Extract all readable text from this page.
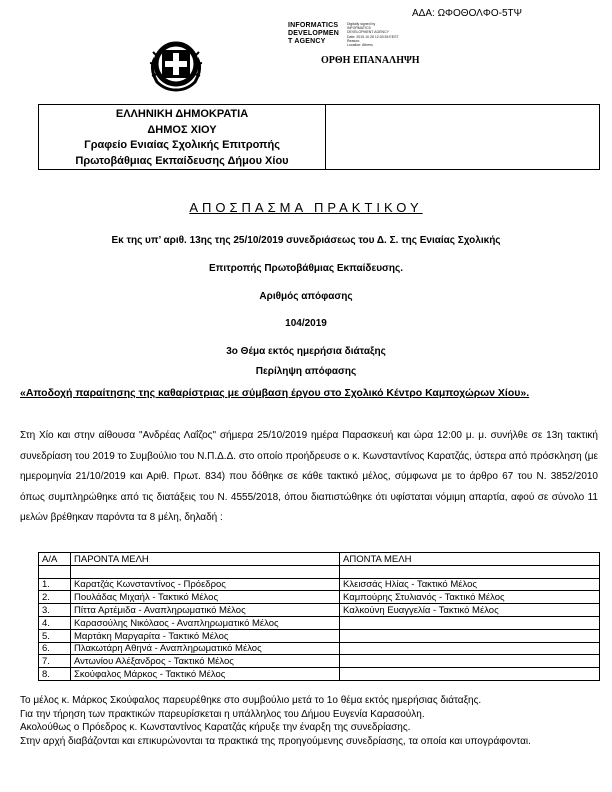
ΑΔΑ: ΩΦΟΘΟΛΦΟ-5ΤΨ
INFORMATICS
DEVELOPMEN
T AGENCY
Digitally signed by
INFORMATICS
DEVELOPMENT AGENCY
Date: 2019.10.28 12:03:35 EEST
Reason:
Location: Athens
ΟΡΘΗ ΕΠΑΝΑΛΗΨΗ
ΕΛΛΗΝΙΚΗ ΔΗΜΟΚΡΑΤΙΑ
ΔΗΜΟΣ ΧΙΟΥ
Γραφείο Ενιαίας Σχολικής Επιτροπής
Πρωτοβάθμιας Εκπαίδευσης Δήμου Χίου
ΑΠΟΣΠΑΣΜΑ ΠΡΑΚΤΙΚΟΥ
Εκ της υπ’ αριθ. 13ης της 25/10/2019 συνεδριάσεως του Δ. Σ. της Ενιαίας Σχολικής
Επιτροπής Πρωτοβάθμιας Εκπαίδευσης.
Αριθμός απόφασης
104/2019
3ο Θέμα εκτός ημερήσια διάταξης
Περίληψη απόφασης
«Αποδοχή παραίτησης της καθαρίστριας με σύμβαση έργου στο Σχολικό Κέντρο Καμποχώρων Χίου».
Στη Χίο και στην αίθουσα "Ανδρέας Λαΐζος" σήμερα 25/10/2019 ημέρα Παρασκευή και ώρα 12:00 μ. μ. συνήλθε σε 13η τακτική συνεδρίαση του 2019 το Συμβούλιο του Ν.Π.Δ.Δ. στο οποίο προήδρευσε ο κ. Κωνσταντίνος Καρατζάς, ύστερα από πρόσκληση (με ημερομηνία 21/10/2019 και Αριθ. Πρωτ. 834) που δόθηκε σε κάθε τακτικό μέλος, σύμφωνα με το άρθρο 67 του Ν. 3852/2010 όπως συμπληρώθηκε από τις διατάξεις του Ν. 4555/2018, όπου διαπιστώθηκε ότι υφίσταται νόμιμη απαρτία, αφού σε σύνολο 11 μελών βρέθηκαν παρόντα τα 8 μέλη, δηλαδή :
Α/Α	ΠΑΡΟΝΤΑ ΜΕΛΗ	ΑΠΟΝΤΑ ΜΕΛΗ

1.	Καρατζάς Κωνσταντίνος - Πρόεδρος	Κλεισσάς Ηλίας - Τακτικό Μέλος
2.	Πουλάδας Μιχαήλ - Τακτικό Μέλος	Καμπούρης Στυλιανός - Τακτικό Μέλος
3.	Πίττα Αρτέμιδα - Αναπληρωματικό Μέλος	Καλκούνη Ευαγγελία - Τακτικό Μέλος
4.	Καρασούλης Νικόλαος - Αναπληρωματικό Μέλος	
5.	Μαρτάκη Μαργαρίτα - Τακτικό Μέλος	
6.	Πλακωτάρη Αθηνά - Αναπληρωματικό Μέλος	
7.	Αντωνίου Αλέξανδρος - Τακτικό Μέλος	
8.	Σκούφαλος Μάρκος - Τακτικό Μέλος	
Το μέλος κ. Μάρκος Σκούφαλος παρευρέθηκε στο συμβούλιο μετά το 1ο θέμα εκτός ημερήσιας διάταξης.
Για την τήρηση των πρακτικών παρευρίσκεται η υπάλληλος του Δήμου Ευγενία Καρασούλη.
Ακολούθως ο Πρόεδρος κ. Κωνσταντίνος Καρατζάς κήρυξε την έναρξη της συνεδρίασης.
Στην αρχή διαβάζονται και επικυρώνονται τα πρακτικά της προηγούμενης συνεδρίασης, τα οποία και υπογράφονται.
